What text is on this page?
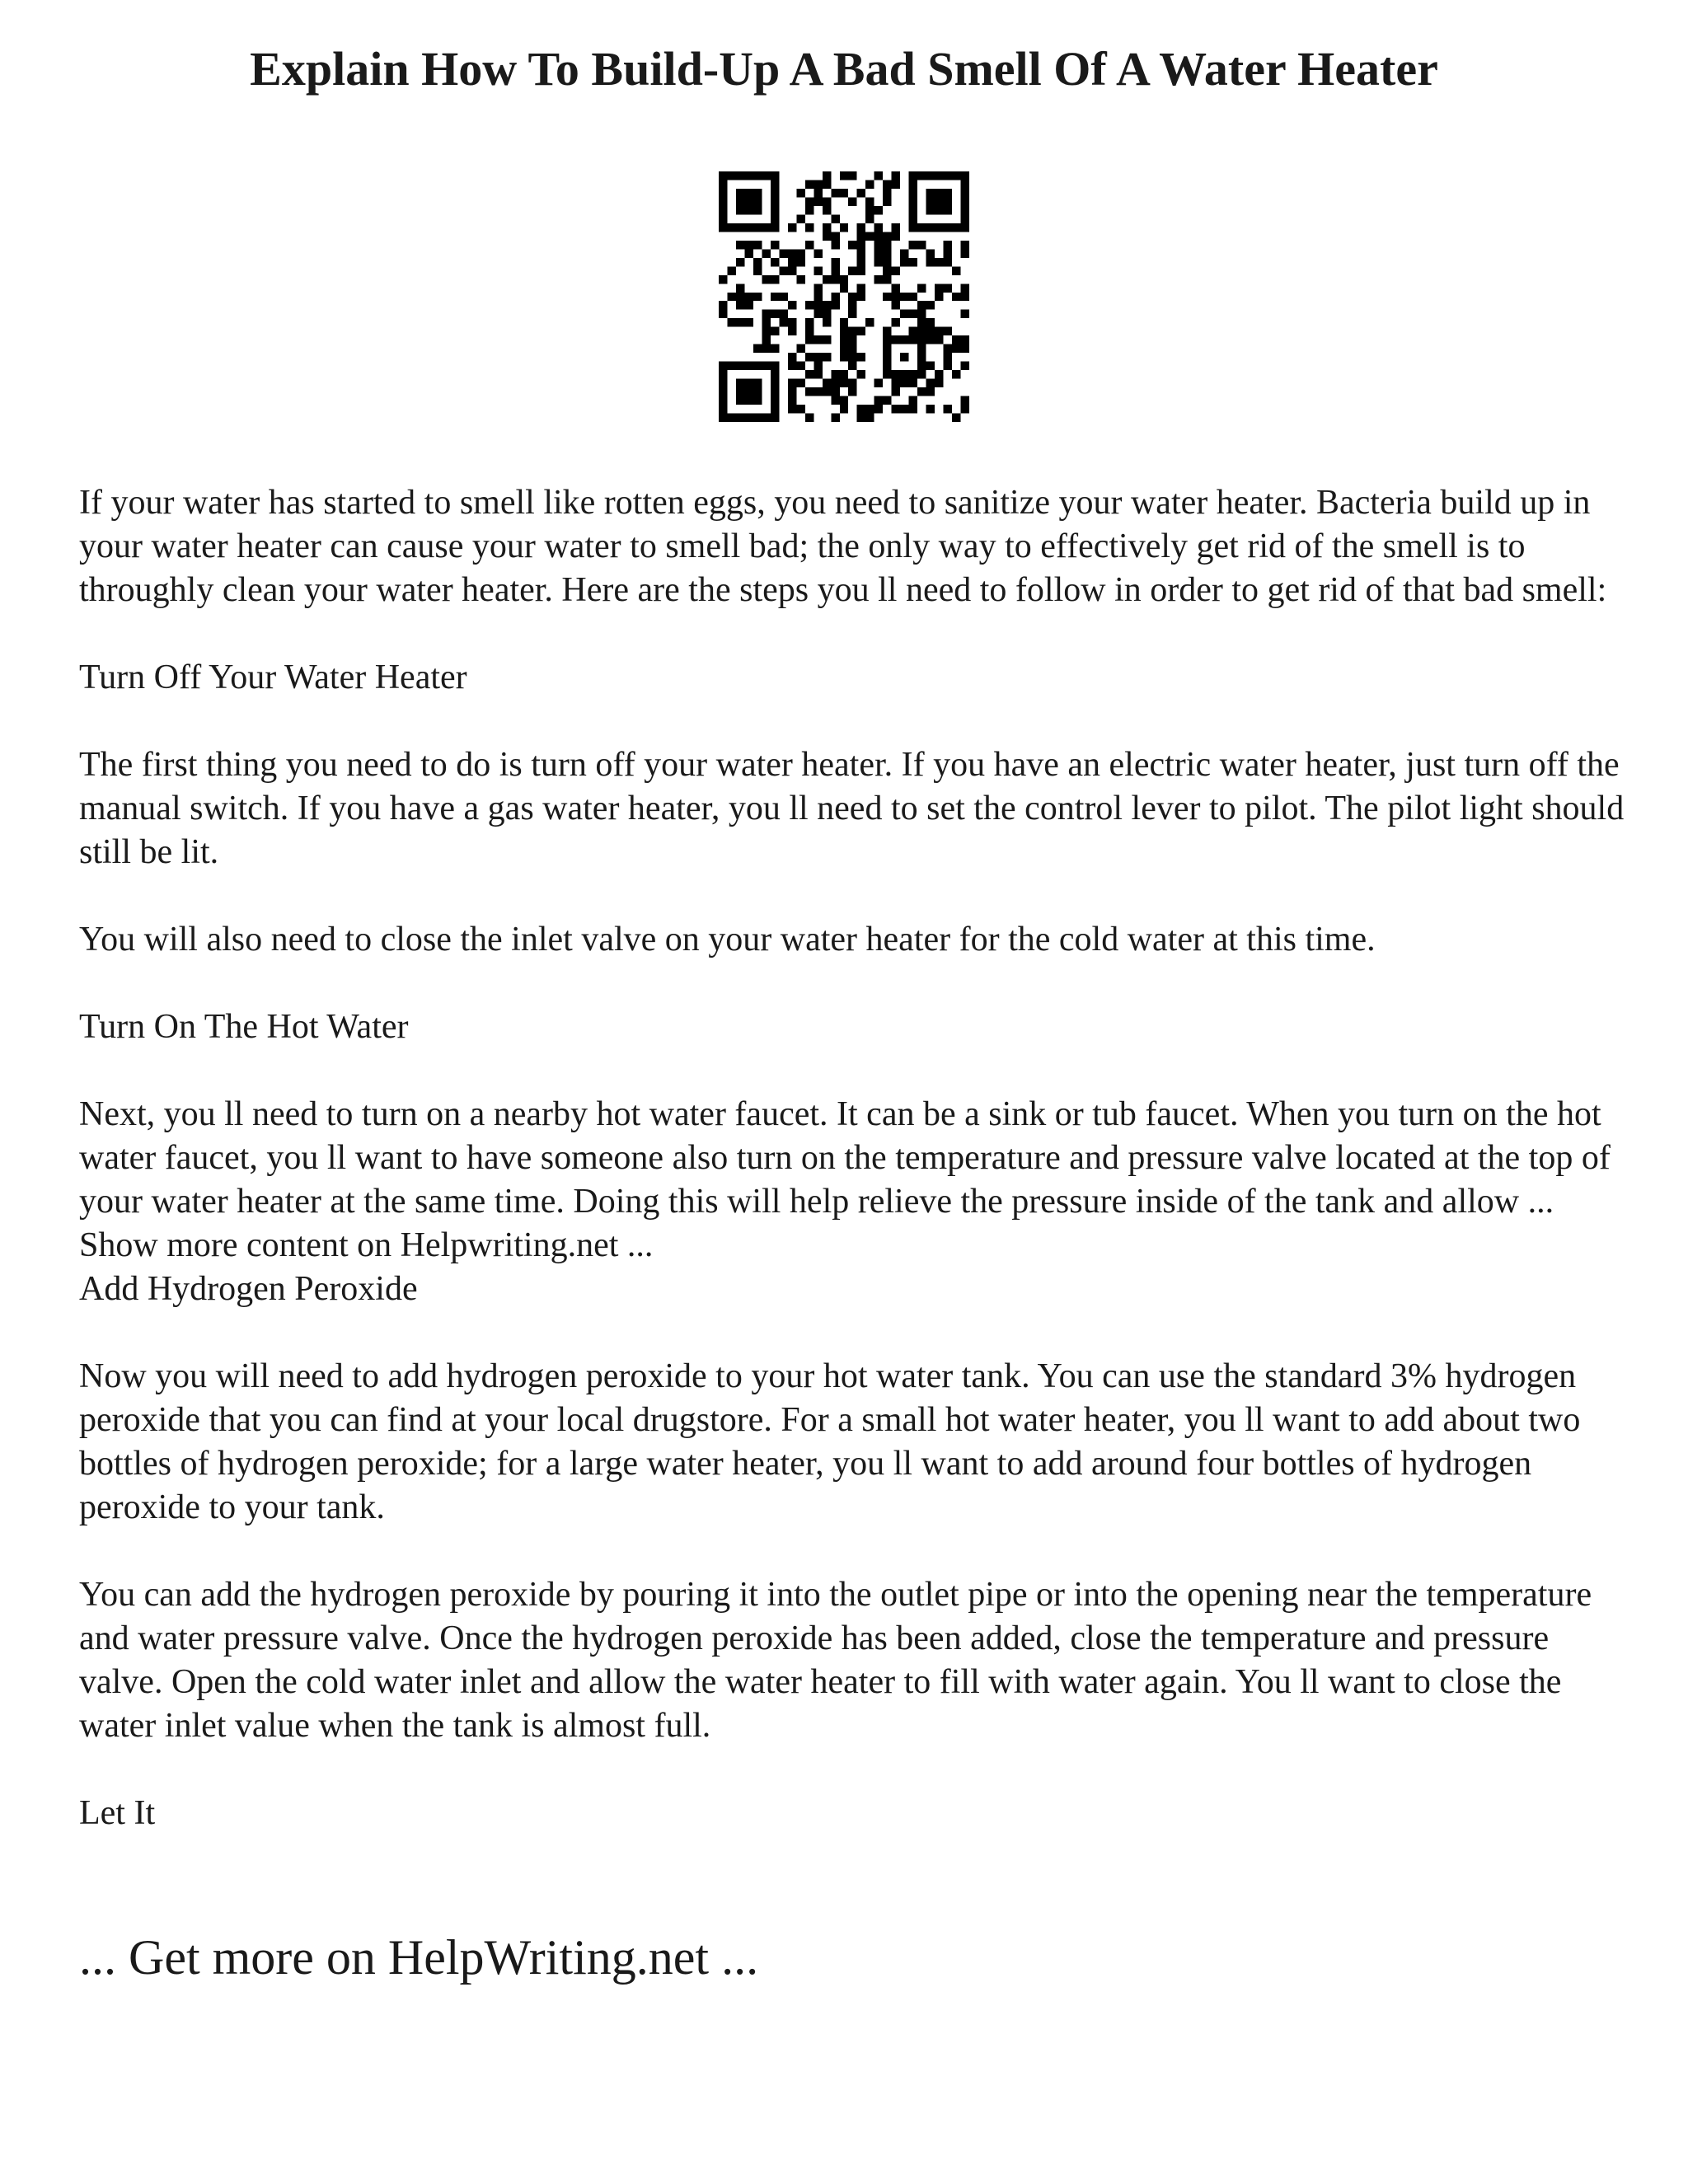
Explain How To Build-Up A Bad Smell Of A Water Heater

If your water has started to smell like rotten eggs, you need to sanitize your water heater. Bacteria build up in your water heater can cause your water to smell bad; the only way to effectively get rid of the smell is to throughly clean your water heater. Here are the steps you ll need to follow in order to get rid of that bad smell:

Turn Off Your Water Heater

The first thing you need to do is turn off your water heater. If you have an electric water heater, just turn off the manual switch. If you have a gas water heater, you ll need to set the control lever to pilot. The pilot light should still be lit.

You will also need to close the inlet valve on your water heater for the cold water at this time.

Turn On The Hot Water

Next, you ll need to turn on a nearby hot water faucet. It can be a sink or tub faucet. When you turn on the hot water faucet, you ll want to have someone also turn on the temperature and pressure valve located at the top of your water heater at the same time. Doing this will help relieve the pressure inside of the tank and allow ... Show more content on Helpwriting.net ...

Add Hydrogen Peroxide

Now you will need to add hydrogen peroxide to your hot water tank. You can use the standard 3% hydrogen peroxide that you can find at your local drugstore. For a small hot water heater, you ll want to add about two bottles of hydrogen peroxide; for a large water heater, you ll want to add around four bottles of hydrogen peroxide to your tank.

You can add the hydrogen peroxide by pouring it into the outlet pipe or into the opening near the temperature and water pressure valve. Once the hydrogen peroxide has been added, close the temperature and pressure valve. Open the cold water inlet and allow the water heater to fill with water again. You ll want to close the water inlet value when the tank is almost full.

Let It

... Get more on HelpWriting.net ...
